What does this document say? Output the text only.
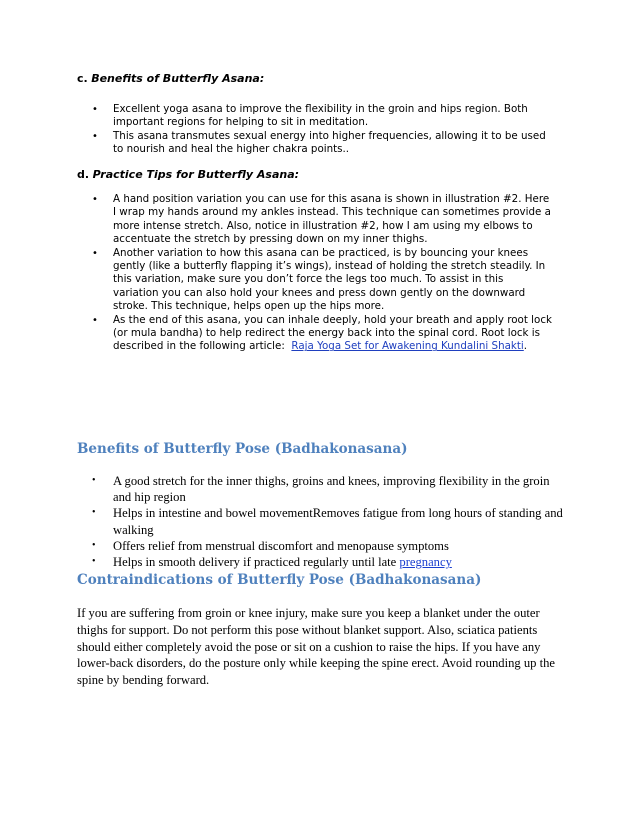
c. Benefits of Butterfly Asana:
• Excellent yoga asana to improve the flexibility in the groin and hips region. Both
important regions for helping to sit in meditation.
• This asana transmutes sexual energy into higher frequencies, allowing it to be used
to nourish and heal the higher chakra points..
d. Practice Tips for Butterfly Asana:
• A hand position variation you can use for this asana is shown in illustration #2. Here
I wrap my hands around my ankles instead. This technique can sometimes provide a
more intense stretch. Also, notice in illustration #2, how I am using my elbows to
accentuate the stretch by pressing down on my inner thighs.
• Another variation to how this asana can be practiced, is by bouncing your knees
gently (like a butterfly flapping it’s wings), instead of holding the stretch steadily. In
this variation, make sure you don’t force the legs too much. To assist in this
variation you can also hold your knees and press down gently on the downward
stroke. This technique, helps open up the hips more.
• As the end of this asana, you can inhale deeply, hold your breath and apply root lock
(or mula bandha) to help redirect the energy back into the spinal cord. Root lock is
described in the following article:  Raja Yoga Set for Awakening Kundalini Shakti.
Benefits of Butterfly Pose (Badhakonasana)
• A good stretch for the inner thighs, groins and knees, improving flexibility in the groin
and hip region
• Helps in intestine and bowel movementRemoves fatigue from long hours of standing and
walking
• Offers relief from menstrual discomfort and menopause symptoms
• Helps in smooth delivery if practiced regularly until late pregnancy
Contraindications of Butterfly Pose (Badhakonasana)
If you are suffering from groin or knee injury, make sure you keep a blanket under the outer
thighs for support. Do not perform this pose without blanket support. Also, sciatica patients
should either completely avoid the pose or sit on a cushion to raise the hips. If you have any
lower-back disorders, do the posture only while keeping the spine erect. Avoid rounding up the
spine by bending forward.
